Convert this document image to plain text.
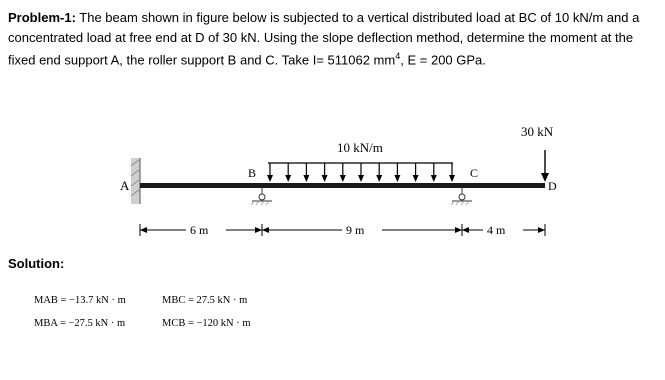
Problem-1: The beam shown in figure below is subjected to a vertical distributed load at BC of 10 kN/m and a concentrated load at free end at D of 30 kN. Using the slope deflection method, determine the moment at the fixed end support A, the roller support B and C. Take I= 511062 $mm^4$, E = 200 GPa.
A
B	C
D
10 kN/m
30 kN
6 m	9 m	4 m
Solution:
MAB = −13.7 kN · m	MBC = 27.5 kN · m
MBA = −27.5 kN · m	MCB = −120 kN · m
